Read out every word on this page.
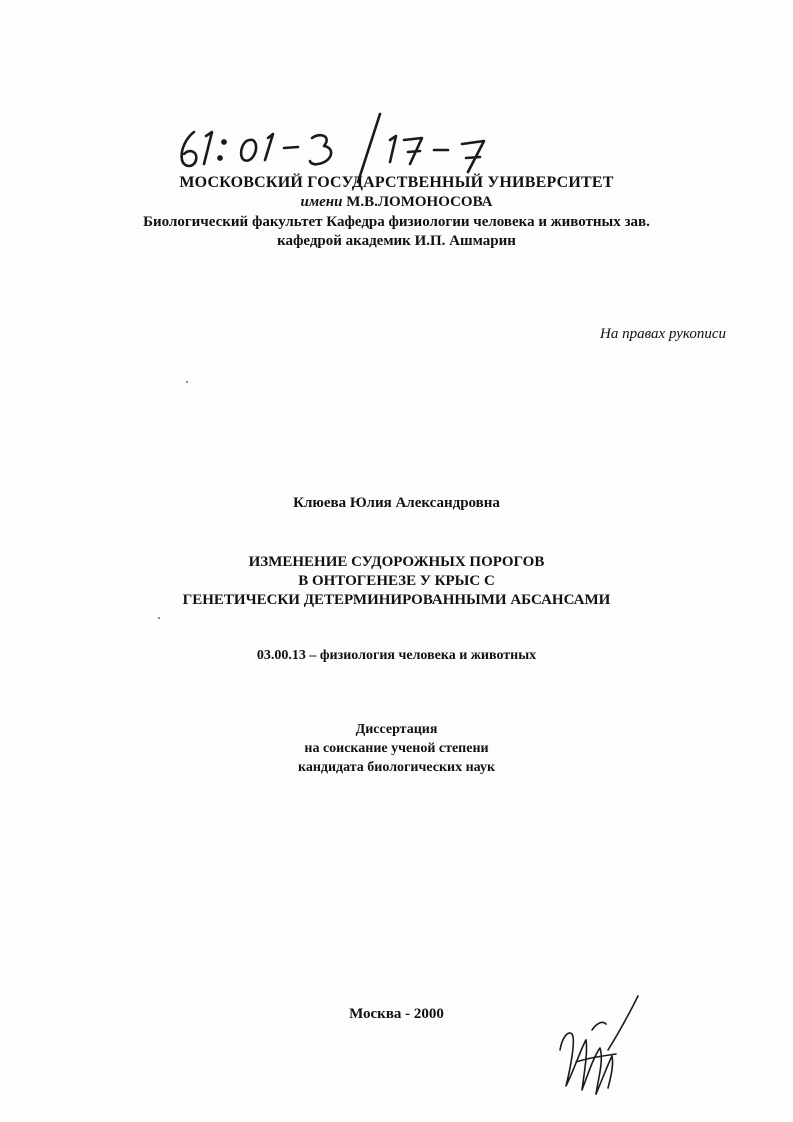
МОСКОВСКИЙ ГОСУДАРСТВЕННЫЙ УНИВЕРСИТЕТ
имени М.В.ЛОМОНОСОВА
Биологический факультет Кафедра физиологии человека и животных зав.
кафедрой академик И.П. Ашмарин
На правах рукописи
Клюева Юлия Александровна
ИЗМЕНЕНИЕ СУДОРОЖНЫХ ПОРОГОВ
В ОНТОГЕНЕЗЕ У КРЫС С
ГЕНЕТИЧЕСКИ ДЕТЕРМИНИРОВАННЫМИ АБСАНСАМИ
03.00.13 – физиология человека и животных
Диссертация
на соискание ученой степени
кандидата биологических наук
Москва - 2000
